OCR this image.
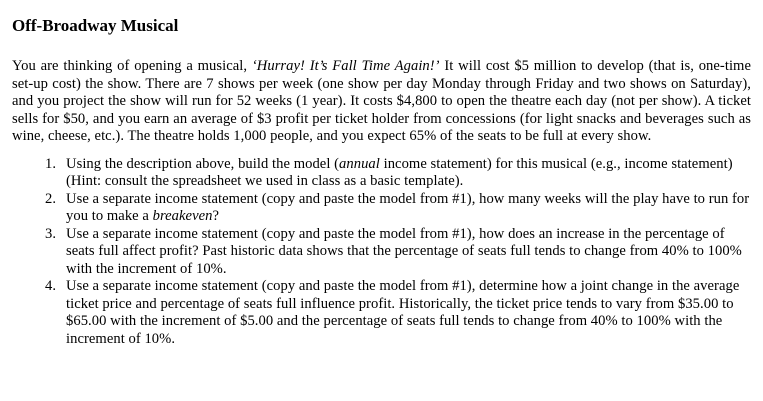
Off-Broadway Musical

You are thinking of opening a musical, ‘Hurray! It’s Fall Time Again!’ It will cost $5 million to develop (that is, one-time set-up cost) the show. There are 7 shows per week (one show per day Monday through Friday and two shows on Saturday), and you project the show will run for 52 weeks (1 year). It costs $4,800 to open the theatre each day (not per show). A ticket sells for $50, and you earn an average of $3 profit per ticket holder from concessions (for light snacks and beverages such as wine, cheese, etc.). The theatre holds 1,000 people, and you expect 65% of the seats to be full at every show.

1. Using the description above, build the model (annual income statement) for this musical (e.g., income statement) (Hint: consult the spreadsheet we used in class as a basic template).
2. Use a separate income statement (copy and paste the model from #1), how many weeks will the play have to run for you to make a breakeven?
3. Use a separate income statement (copy and paste the model from #1), how does an increase in the percentage of seats full affect profit? Past historic data shows that the percentage of seats full tends to change from 40% to 100% with the increment of 10%.
4. Use a separate income statement (copy and paste the model from #1), determine how a joint change in the average ticket price and percentage of seats full influence profit. Historically, the ticket price tends to vary from $35.00 to $65.00 with the increment of $5.00 and the percentage of seats full tends to change from 40% to 100% with the increment of 10%.
